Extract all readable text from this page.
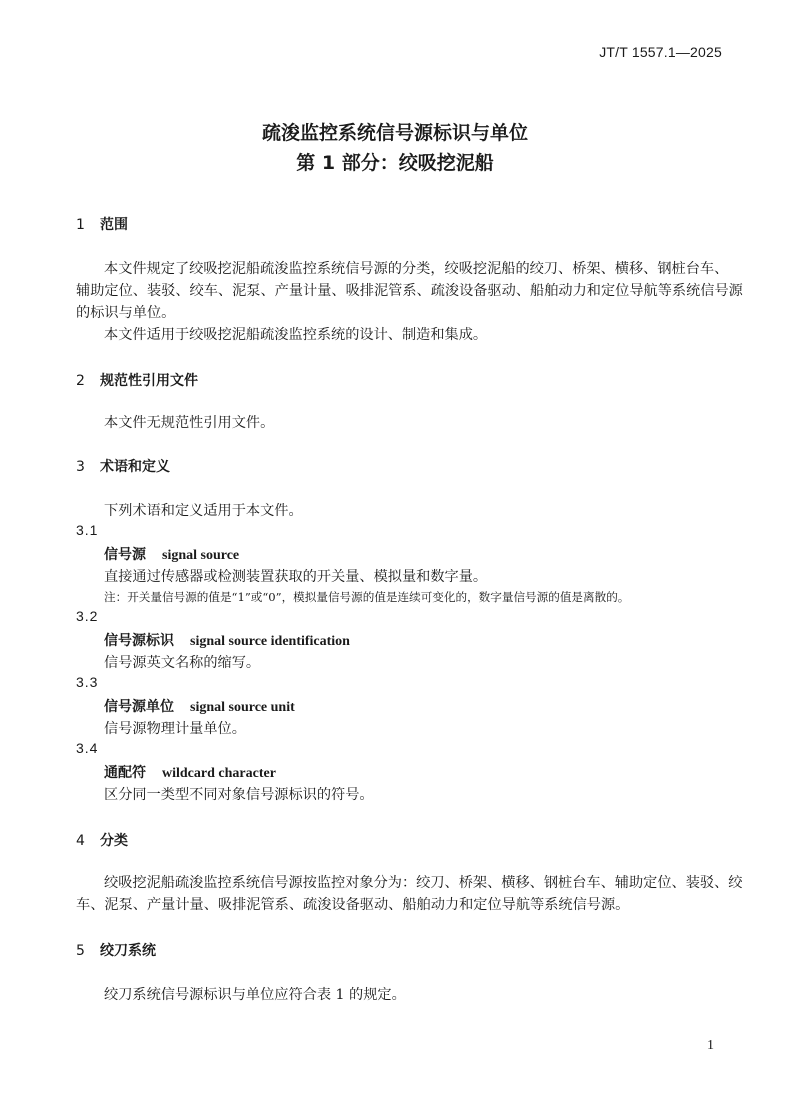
JT/T 1557.1—2025
疏浚监控系统信号源标识与单位
第 1 部分：绞吸挖泥船
1 范围
本文件规定了绞吸挖泥船疏浚监控系统信号源的分类，绞吸挖泥船的绞刀、桥架、横移、钢桩台车、
辅助定位、装驳、绞车、泥泵、产量计量、吸排泥管系、疏浚设备驱动、船舶动力和定位导航等系统信号源
的标识与单位。
本文件适用于绞吸挖泥船疏浚监控系统的设计、制造和集成。
2 规范性引用文件
本文件无规范性引用文件。
3 术语和定义
下列术语和定义适用于本文件。
3.1
信号源 signal source
直接通过传感器或检测装置获取的开关量、模拟量和数字量。
注：开关量信号源的值是“1”或“0”，模拟量信号源的值是连续可变化的，数字量信号源的值是离散的。
3.2
信号源标识 signal source identification
信号源英文名称的缩写。
3.3
信号源单位 signal source unit
信号源物理计量单位。
3.4
通配符 wildcard character
区分同一类型不同对象信号源标识的符号。
4 分类
绞吸挖泥船疏浚监控系统信号源按监控对象分为：绞刀、桥架、横移、钢桩台车、辅助定位、装驳、绞
车、泥泵、产量计量、吸排泥管系、疏浚设备驱动、船舶动力和定位导航等系统信号源。
5 绞刀系统
绞刀系统信号源标识与单位应符合表 1 的规定。
1
